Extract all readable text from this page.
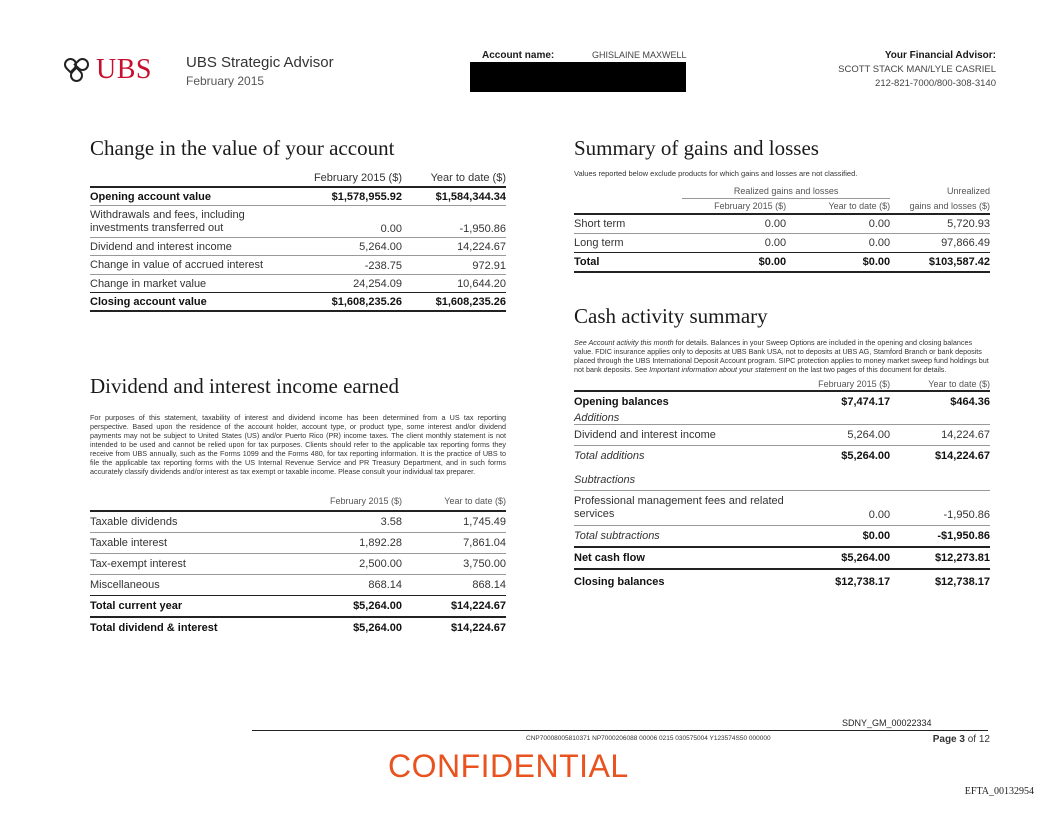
UBS UBS Strategic Advisor
February 2015
Account name:	GHISLAINE MAXWELL	Your Financial Advisor:
SCOTT STACK MAN/LYLE CASRIEL
212-821-7000/800-308-3140
Change in the value of your account
	February 2015 ($)	Year to date ($)
Opening account value	$1,578,955.92	$1,584,344.34
Withdrawals and fees, including investments transferred out	0.00	-1,950.86
Dividend and interest income	5,264.00	14,224.67
Change in value of accrued interest	-238.75	972.91
Change in market value	24,254.09	10,644.20
Closing account value	$1,608,235.26	$1,608,235.26
Dividend and interest income earned
For purposes of this statement, taxability of interest and dividend income has been determined from a US tax reporting perspective. Based upon the residence of the account holder, account type, or product type, some interest and/or dividend payments may not be subject to United States (US) and/or Puerto Rico (PR) income taxes. The client monthly statement is not intended to be used and cannot be relied upon for tax purposes. Clients should refer to the applicable tax reporting forms they receive from UBS annually, such as the Forms 1099 and the Forms 480, for tax reporting information. It is the practice of UBS to file the applicable tax reporting forms with the US Internal Revenue Service and PR Treasury Department, and in such forms accurately classify dividends and/or interest as tax exempt or taxable income. Please consult your individual tax preparer.
	February 2015 ($)	Year to date ($)
Taxable dividends	3.58	1,745.49
Taxable interest	1,892.28	7,861.04
Tax-exempt interest	2,500.00	3,750.00
Miscellaneous	868.14	868.14
Total current year	$5,264.00	$14,224.67
Total dividend & interest	$5,264.00	$14,224.67
Summary of gains and losses
Values reported below exclude products for which gains and losses are not classified.
	Realized gains and losses		Unrealized
	February 2015 ($)	Year to date ($)	gains and losses ($)
Short term	0.00	0.00	5,720.93
Long term	0.00	0.00	97,866.49
Total	$0.00	$0.00	$103,587.42
Cash activity summary
See Account activity this month for details. Balances in your Sweep Options are included in the opening and closing balances value. FDIC insurance applies only to deposits at UBS Bank USA, not to deposits at UBS AG, Stamford Branch or bank deposits placed through the UBS International Deposit Account program. SIPC protection applies to money market sweep fund holdings but not bank deposits. See Important information about your statement on the last two pages of this document for details.
	February 2015 ($)	Year to date ($)
Opening balances	$7,474.17	$464.36
Additions		
Dividend and interest income	5,264.00	14,224.67
Total additions	$5,264.00	$14,224.67
Subtractions		
Professional management fees and related services	0.00	-1,950.86
Total subtractions	$0.00	-$1,950.86
Net cash flow	$5,264.00	$12,273.81
Closing balances	$12,738.17	$12,738.17
SDNY_GM_00022334
CNP70008005810371 NP7000206088 00006 0215 030575004 Y123574S50 000000	Page 3 of 12
CONFIDENTIAL
EFTA_00132954
